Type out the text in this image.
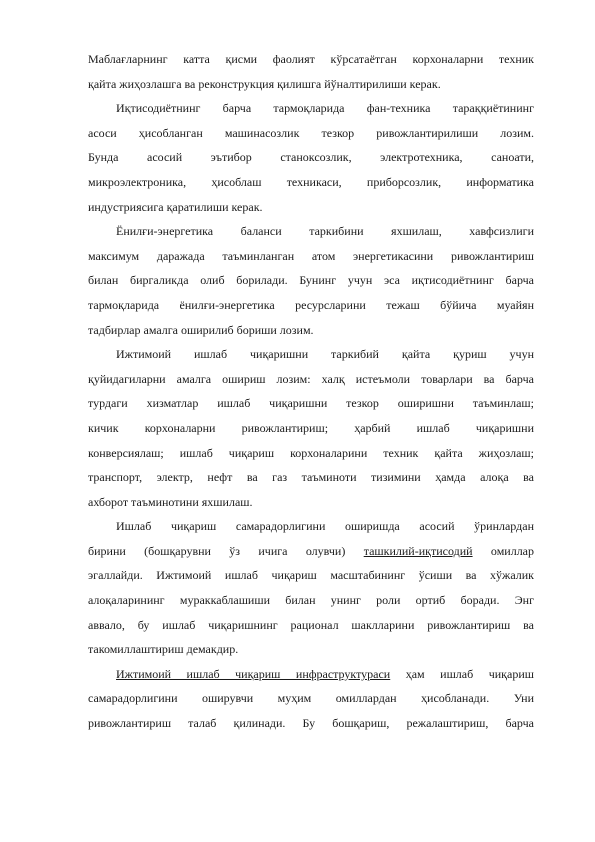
Маблағларнинг катта қисми фаолият кўрсатаётган корхоналарни техник
қайта жиҳозлашга ва реконструкция қилишга йўналтирилиши керак.
Иқтисодиётнинг барча тармоқларида фан-техника тараққиётининг
асоси ҳисобланган машинасозлик тезкор ривожлантирилиши лозим.
Бунда асосий эътибор станоксозлик, электротехника, саноати,
микроэлектроника, ҳисоблаш техникаси, приборсозлик, информатика
индустриясига қаратилиши керак.
Ёнилғи-энергетика баланси таркибини яхшилаш, хавфсизлиги
максимум даражада таъминланган атом энергетикасини ривожлантириш
билан биргаликда олиб борилади. Бунинг учун эса иқтисодиётнинг барча
тармоқларида ёнилғи-энергетика ресурсларини тежаш бўйича муайян
тадбирлар амалга оширилиб бориши лозим.
Ижтимоий ишлаб чиқаришни таркибий қайта қуриш учун
қуйидагиларни амалга ошириш лозим: халқ истеъмоли товарлари ва барча
турдаги хизматлар ишлаб чиқаришни тезкор оширишни таъминлаш;
кичик корхоналарни ривожлантириш; ҳарбий ишлаб чиқаришни
конверсиялаш; ишлаб чиқариш корхоналарини техник қайта жиҳозлаш;
транспорт, электр, нефт ва газ таъминоти тизимини ҳамда алоқа ва
ахборот таъминотини яхшилаш.
Ишлаб чиқариш самарадорлигини оширишда асосий ўринлардан
бирини (бошқарувни ўз ичига олувчи) ташкилий-иқтисодий омиллар
эгаллайди. Ижтимоий ишлаб чиқариш масштабининг ўсиши ва хўжалик
алоқаларининг мураккаблашиши билан унинг роли ортиб боради. Энг
аввало, бу ишлаб чиқаришнинг рационал шаклларини ривожлантириш ва
такомиллаштириш демакдир.
Ижтимоий ишлаб чиқариш инфраструктураси ҳам ишлаб чиқариш
самарадорлигини оширувчи муҳим омиллардан ҳисобланади. Уни
ривожлантириш талаб қилинади. Бу бошқариш, режалаштириш, барча
